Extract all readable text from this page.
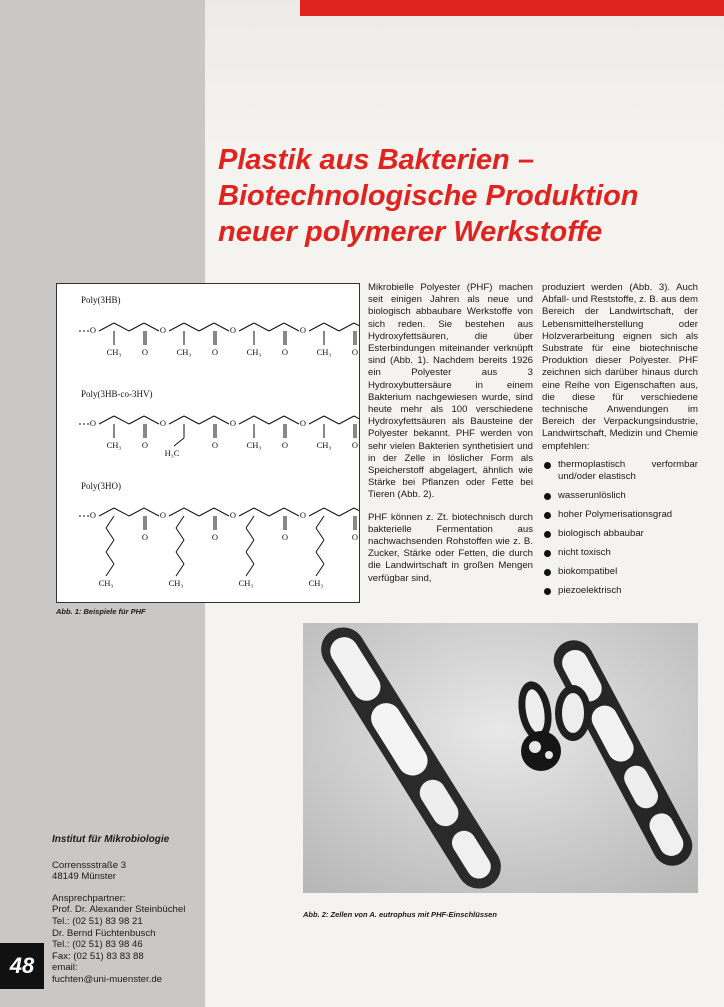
Plastik aus Bakterien –
Biotechnologische Produktion
neuer polymerer Werkstoffe
Poly(3HB)
Poly(3HB-co-3HV)
Poly(3HO)
O
CH₃ O
O
CH₃ O
O
CH₃ O
O
CH₃ O
O
CH₃ O
O
H₃C
O
O
CH₃ O
O
CH₃ O
O
CH₃
O
O
CH₃
O
O
CH₃
O
O
CH₃
O
Abb. 1: Beispiele für PHF

Mikrobielle Polyester (PHF) machen seit einigen Jahren als neue und biologisch abbaubare Werkstoffe von sich reden. Sie bestehen aus Hydroxyfettsäuren, die über Esterbindungen miteinander verknüpft sind (Abb. 1). Nachdem bereits 1926 ein Polyester aus 3 Hydroxybuttersäure in einem Bakterium nachgewiesen wurde, sind heute mehr als 100 verschiedene Hydroxyfettsäuren als Bausteine der Polyester bekannt. PHF werden von sehr vielen Bakterien synthetisiert und in der Zelle in löslicher Form als Speicherstoff abgelagert, ähnlich wie Stärke bei Pflanzen oder Fette bei Tieren (Abb. 2).

PHF können z. Zt. biotechnisch durch bakterielle Fermentation aus nachwachsenden Rohstoffen wie z. B. Zucker, Stärke oder Fetten, die durch die Landwirtschaft in großen Mengen verfügbar sind,

produziert werden (Abb. 3). Auch Abfall- und Reststoffe, z. B. aus dem Bereich der Landwirtschaft, der Lebensmittelherstellung oder Holzverarbeitung eignen sich als Substrate für eine biotechnische Produktion dieser Polyester. PHF zeichnen sich darüber hinaus durch eine Reihe von Eigenschaften aus, die diese für verschiedene technische Anwendungen im Bereich der Verpackungsindustrie, Landwirtschaft, Medizin und Chemie empfehlen:

thermoplastisch verformbar und/oder elastisch
wasserunlöslich
hoher Polymerisationsgrad
biologisch abbaubar
nicht toxisch
biokompatibel
piezoelektrisch
Abb. 2: Zellen von A. eutrophus mit PHF-Einschlüssen
Institut für Mikrobiologie
Correnssstraße 3
48149 Münster
Ansprechpartner:
Prof. Dr. Alexander Steinbüchel
Tel.: (02 51) 83 98 21
Dr. Bernd Füchtenbusch
Tel.: (02 51) 83 98 46
Fax: (02 51) 83 83 88
email:
fuchten@uni-muenster.de
48
